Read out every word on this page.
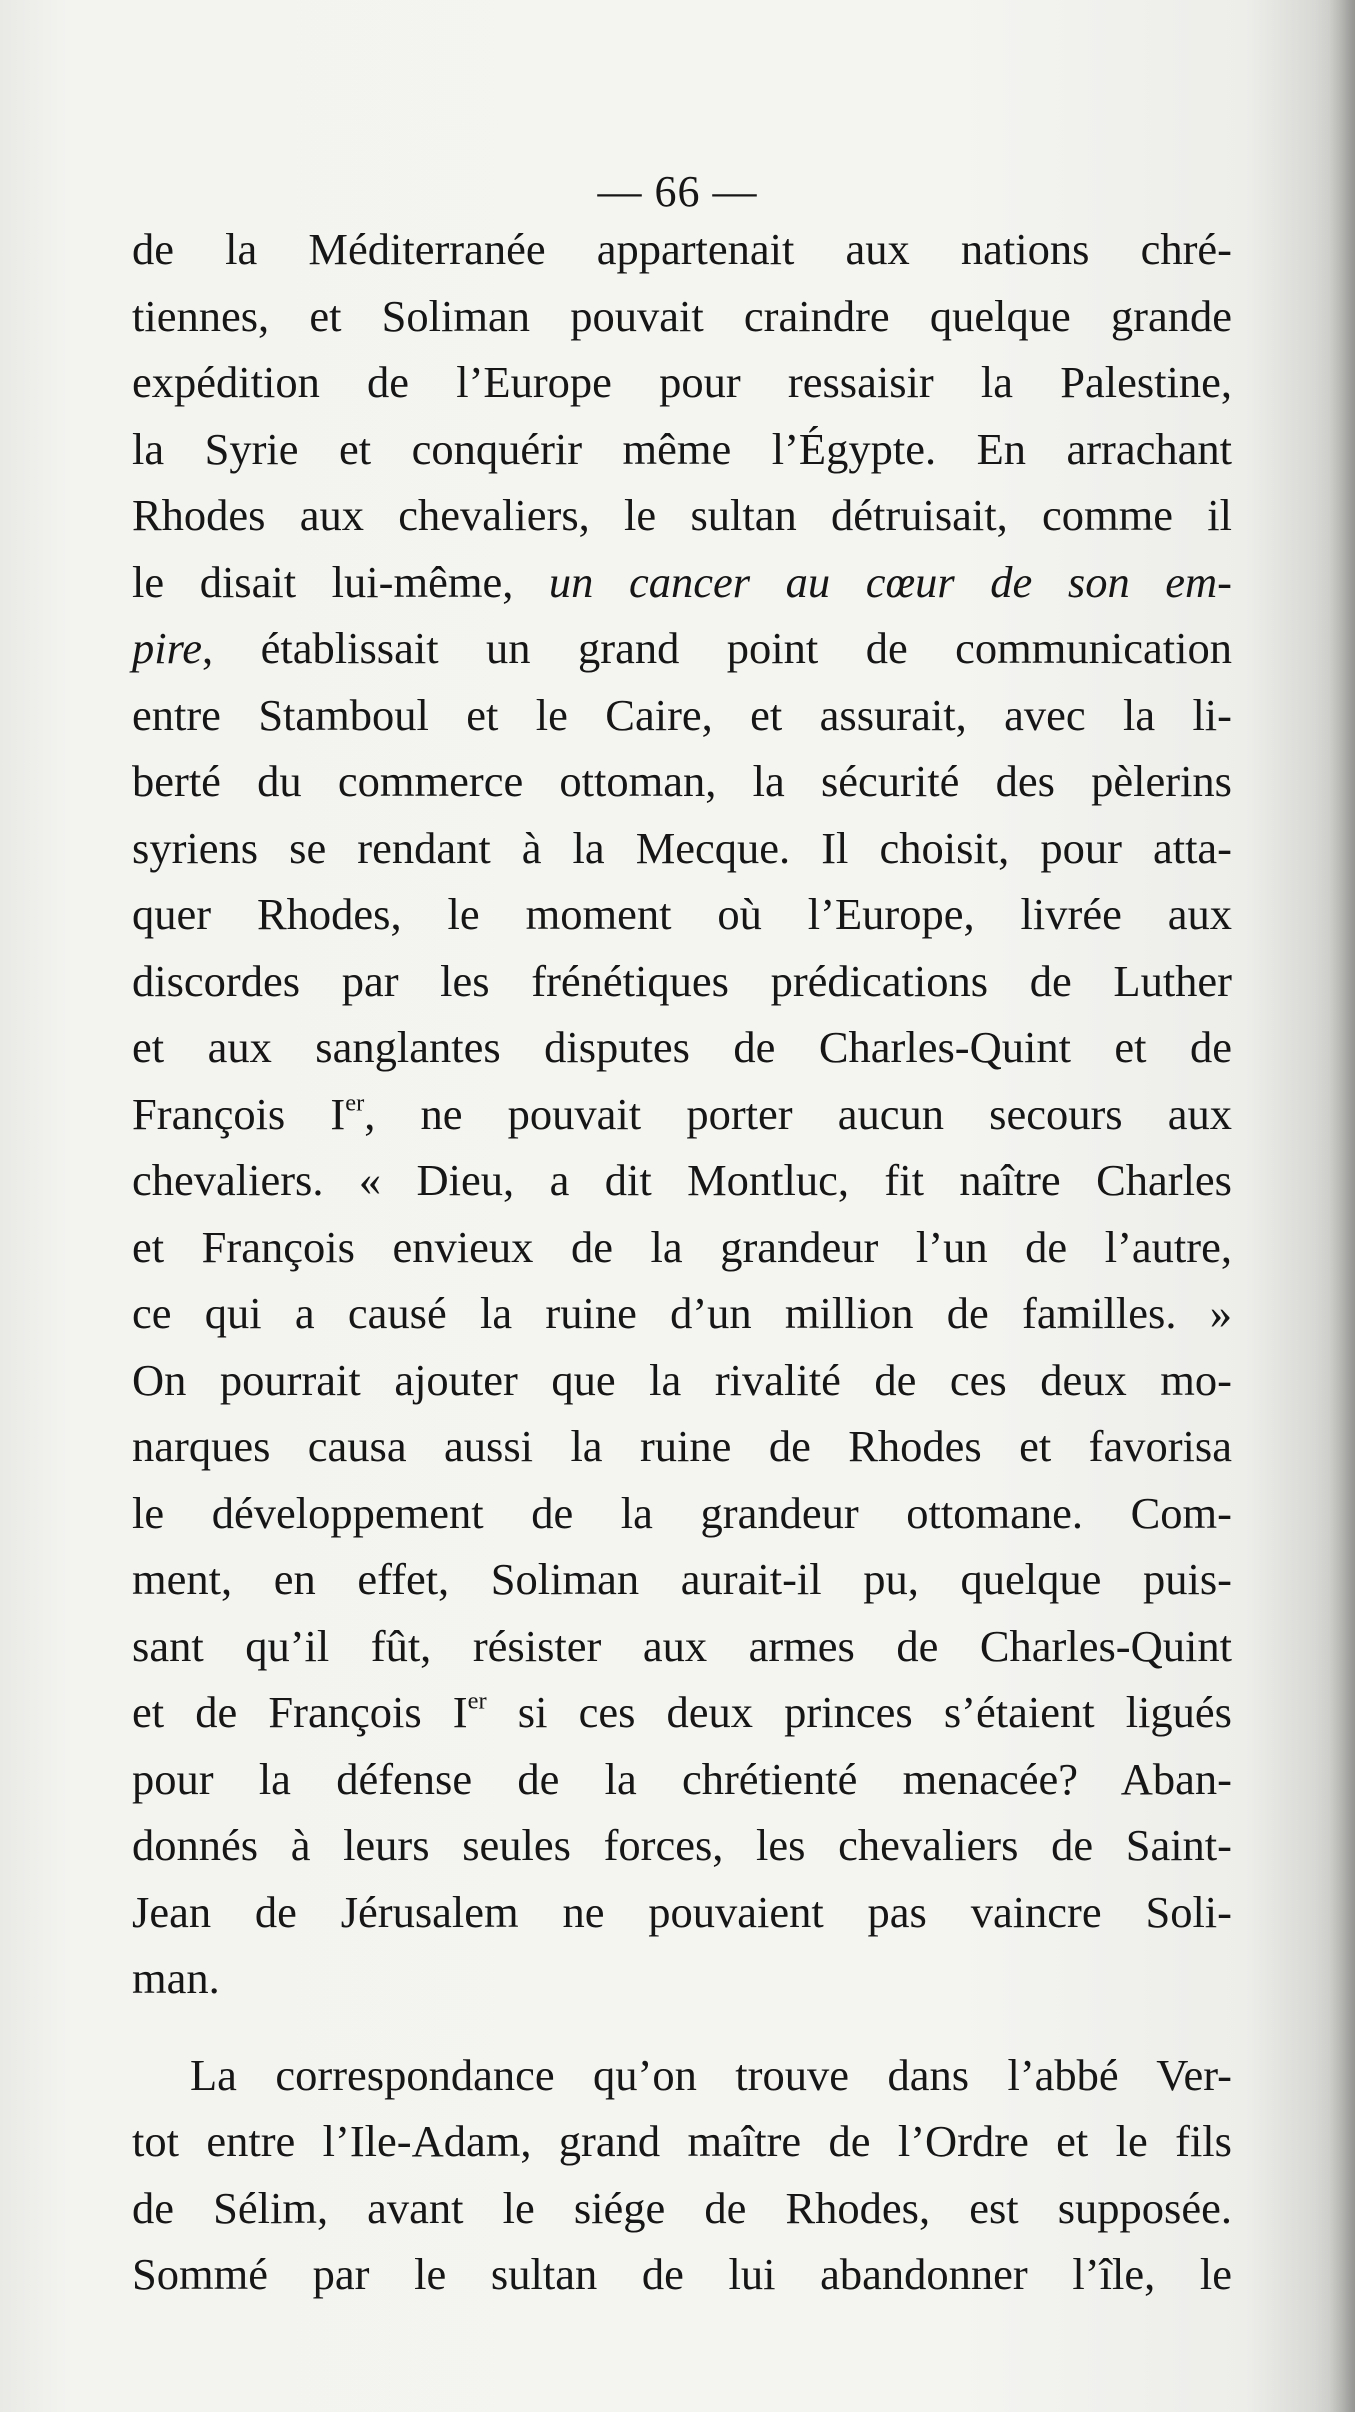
— 66 —

de la Méditerranée appartenait aux nations chré-
tiennes, et Soliman pouvait craindre quelque grande
expédition de l’Europe pour ressaisir la Palestine,
la Syrie et conquérir même l’Égypte. En arrachant
Rhodes aux chevaliers, le sultan détruisait, comme il
le disait lui-même, un cancer au cœur de son em-
pire, établissait un grand point de communication
entre Stamboul et le Caire, et assurait, avec la li-
berté du commerce ottoman, la sécurité des pèlerins
syriens se rendant à la Mecque. Il choisit, pour atta-
quer Rhodes, le moment où l’Europe, livrée aux
discordes par les frénétiques prédications de Luther
et aux sanglantes disputes de Charles-Quint et de
François Ier, ne pouvait porter aucun secours aux
chevaliers. « Dieu, a dit Montluc, fit naître Charles
et François envieux de la grandeur l’un de l’autre,
ce qui a causé la ruine d’un million de familles. »
On pourrait ajouter que la rivalité de ces deux mo-
narques causa aussi la ruine de Rhodes et favorisa
le développement de la grandeur ottomane. Com-
ment, en effet, Soliman aurait-il pu, quelque puis-
sant qu’il fût, résister aux armes de Charles-Quint
et de François Ier si ces deux princes s’étaient ligués
pour la défense de la chrétienté menacée? Aban-
donnés à leurs seules forces, les chevaliers de Saint-
Jean de Jérusalem ne pouvaient pas vaincre Soli-
man.
La correspondance qu’on trouve dans l’abbé Ver-
tot entre l’Ile-Adam, grand maître de l’Ordre et le fils
de Sélim, avant le siége de Rhodes, est supposée.
Sommé par le sultan de lui abandonner l’île, le
